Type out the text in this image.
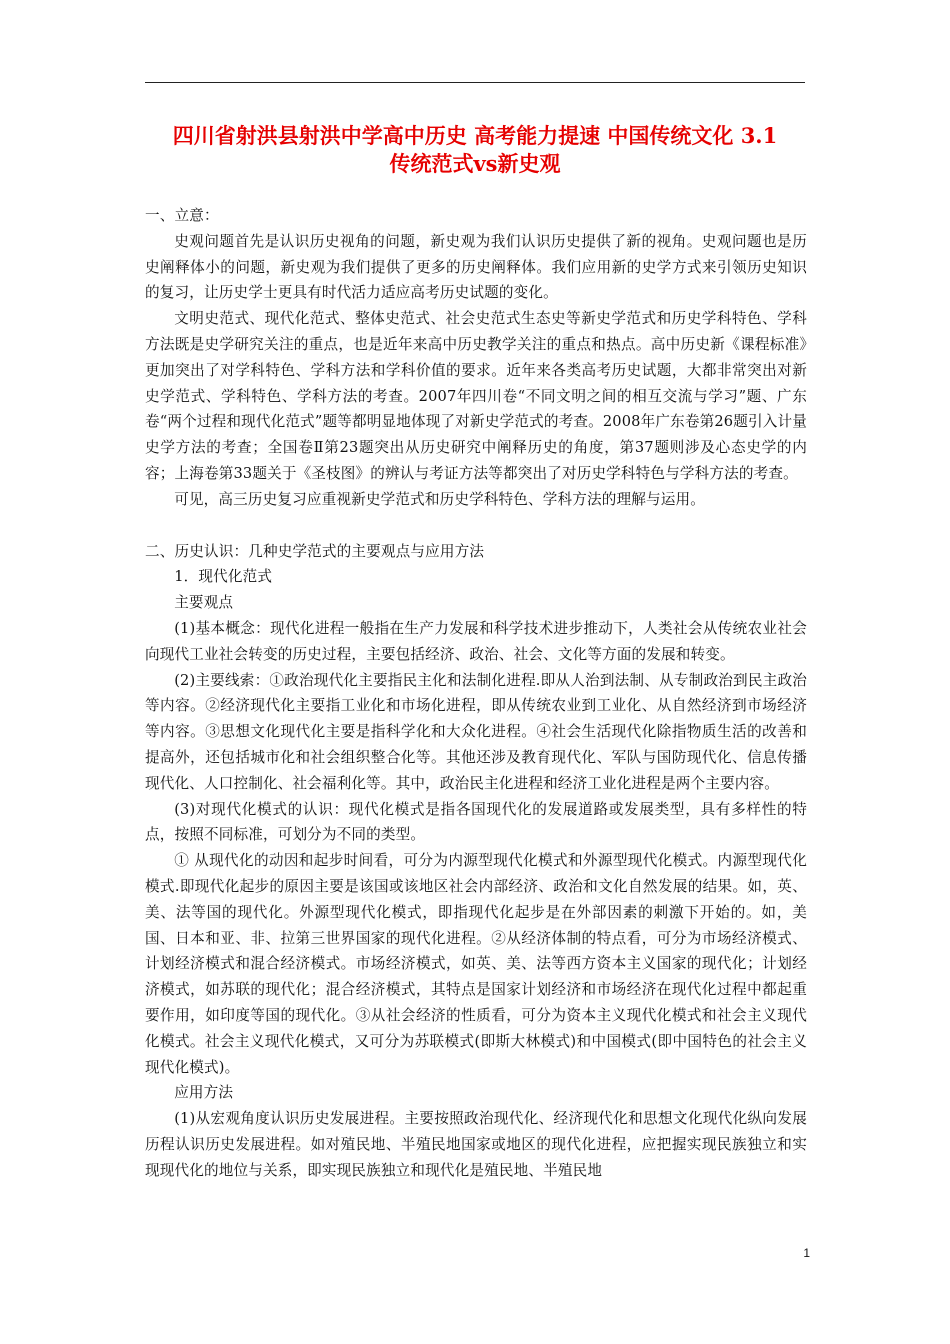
四川省射洪县射洪中学高中历史 高考能力提速 中国传统文化 3.1
传统范式vs新史观

一、立意：

史观问题首先是认识历史视角的问题，新史观为我们认识历史提供了新的视角。史观问题也是历史阐释体小的问题，新史观为我们提供了更多的历史阐释体。我们应用新的史学方式来引领历史知识的复习，让历史学士更具有时代活力适应高考历史试题的变化。

文明史范式、现代化范式、整体史范式、社会史范式生态史等新史学范式和历史学科特色、学科方法既是史学研究关注的重点，也是近年来高中历史教学关注的重点和热点。高中历史新《课程标准》更加突出了对学科特色、学科方法和学科价值的要求。近年来各类高考历史试题，大都非常突出对新史学范式、学科特色、学科方法的考查。2007年四川卷“不同文明之间的相互交流与学习”题、广东卷“两个过程和现代化范式”题等都明显地体现了对新史学范式的考查。2008年广东卷第26题引入计量史学方法的考查；全国卷Ⅱ第23题突出从历史研究中阐释历史的角度，第37题则涉及心态史学的内容；上海卷第33题关于《圣枝图》的辨认与考证方法等都突出了对历史学科特色与学科方法的考查。

可见，高三历史复习应重视新史学范式和历史学科特色、学科方法的理解与运用。

二、历史认识：几种史学范式的主要观点与应用方法

1．现代化范式

主要观点

(1)基本概念：现代化进程一般指在生产力发展和科学技术进步推动下，人类社会从传统农业社会向现代工业社会转变的历史过程，主要包括经济、政治、社会、文化等方面的发展和转变。

(2)主要线索：①政治现代化主要指民主化和法制化进程.即从人治到法制、从专制政治到民主政治等内容。②经济现代化主要指工业化和市场化进程，即从传统农业到工业化、从自然经济到市场经济等内容。③思想文化现代化主要是指科学化和大众化进程。④社会生活现代化除指物质生活的改善和提高外，还包括城市化和社会组织整合化等。其他还涉及教育现代化、军队与国防现代化、信息传播现代化、人口控制化、社会福利化等。其中，政治民主化进程和经济工业化进程是两个主要内容。

(3)对现代化模式的认识：现代化模式是指各国现代化的发展道路或发展类型，具有多样性的特点，按照不同标准，可划分为不同的类型。

① 从现代化的动因和起步时间看，可分为内源型现代化模式和外源型现代化模式。内源型现代化模式.即现代化起步的原因主要是该国或该地区社会内部经济、政治和文化自然发展的结果。如，英、美、法等国的现代化。外源型现代化模式，即指现代化起步是在外部因素的刺激下开始的。如，美国、日本和亚、非、拉第三世界国家的现代化进程。②从经济体制的特点看，可分为市场经济模式、计划经济模式和混合经济模式。市场经济模式，如英、美、法等西方资本主义国家的现代化；计划经济模式，如苏联的现代化；混合经济模式，其特点是国家计划经济和市场经济在现代化过程中都起重要作用，如印度等国的现代化。③从社会经济的性质看，可分为资本主义现代化模式和社会主义现代化模式。社会主义现代化模式，又可分为苏联模式(即斯大林模式)和中国模式(即中国特色的社会主义现代化模式)。

应用方法

(1)从宏观角度认识历史发展进程。主要按照政治现代化、经济现代化和思想文化现代化纵向发展历程认识历史发展进程。如对殖民地、半殖民地国家或地区的现代化进程，应把握实现民族独立和实现现代化的地位与关系，即实现民族独立和现代化是殖民地、半殖民地

1
